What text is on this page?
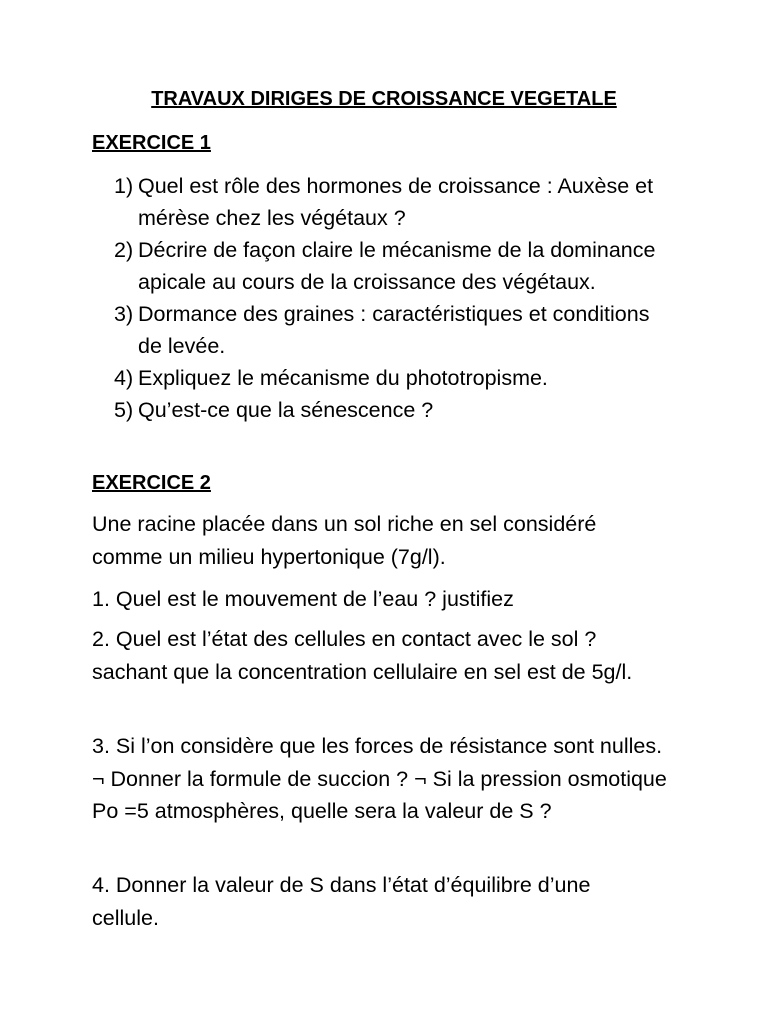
TRAVAUX DIRIGES DE CROISSANCE VEGETALE
EXERCICE 1
1) Quel est rôle des hormones de croissance : Auxèse et mérèse chez les végétaux ?
2) Décrire de façon claire le mécanisme de la dominance apicale au cours de la croissance des végétaux.
3) Dormance des graines : caractéristiques et conditions de levée.
4) Expliquez le mécanisme du phototropisme.
5) Qu’est-ce que la sénescence ?
EXERCICE 2

Une racine placée dans un sol riche en sel considéré comme un milieu hypertonique (7g/l).

1. Quel est le mouvement de l’eau ? justifiez

2. Quel est l’état des cellules en contact avec le sol ? sachant que la concentration cellulaire en sel est de 5g/l.

3. Si l’on considère que les forces de résistance sont nulles. ¬ Donner la formule de succion ? ¬ Si la pression osmotique Po =5 atmosphères, quelle sera la valeur de S ?

4. Donner la valeur de S dans l’état d’équilibre d’une cellule.
